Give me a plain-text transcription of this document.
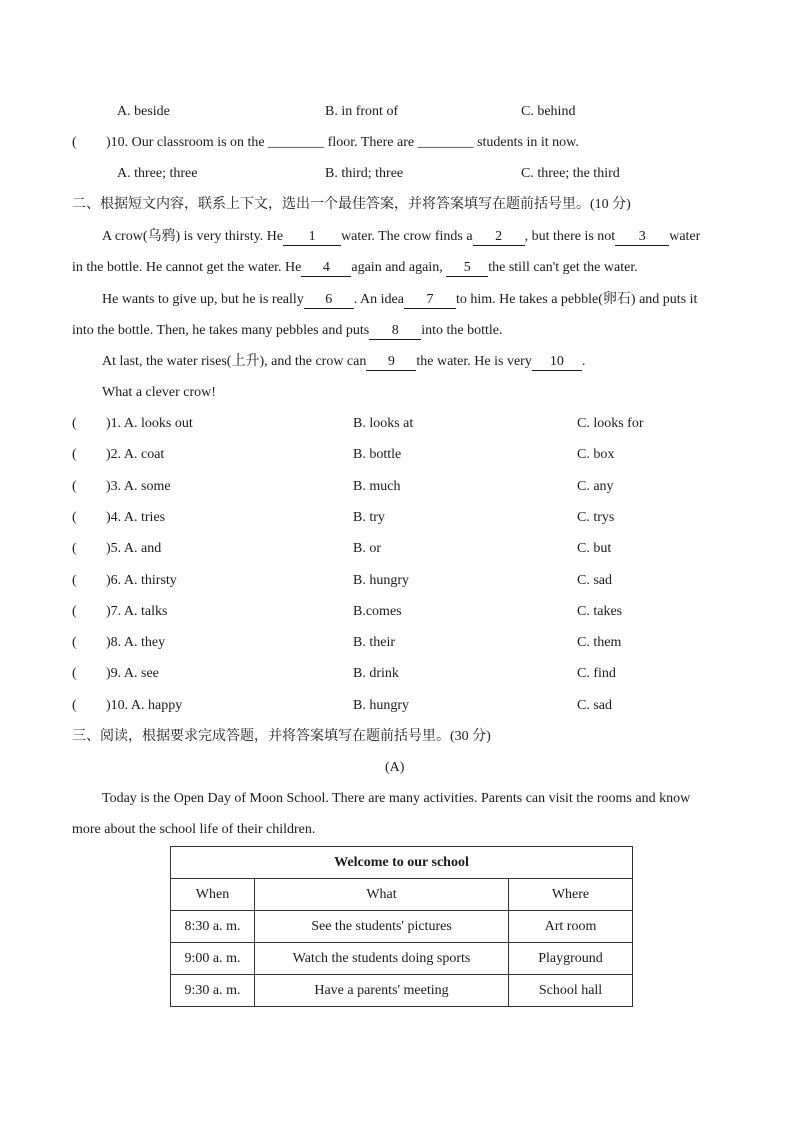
A. beside	B. in front of	C. behind
( )10. Our classroom is on the ________ floor. There are ________ students in it now.
A. three; three	B. third; three	C. three; the third
二、根据短文内容，联系上下文，选出一个最佳答案，并将答案填写在题前括号里。(10 分)
A crow(乌鸦) is very thirsty. He 1 water. The crow finds a 2 , but there is not 3 water
in the bottle. He cannot get the water. He 4 again and again, 5 the still can't get the water.
He wants to give up, but he is really 6 . An idea 7 to him. He takes a pebble(卵石) and puts it
into the bottle. Then, he takes many pebbles and puts 8 into the bottle.
At last, the water rises(上升), and the crow can 9 the water. He is very 10 .
What a clever crow!
( )1. A. looks out	B. looks at	C. looks for
( )2. A. coat	B. bottle	C. box
( )3. A. some	B. much	C. any
( )4. A. tries	B. try	C. trys
( )5. A. and	B. or	C. but
( )6. A. thirsty	B. hungry	C. sad
( )7. A. talks	B.comes	C. takes
( )8. A. they	B. their	C. them
( )9. A. see	B. drink	C. find
( )10. A. happy	B. hungry	C. sad
三、阅读，根据要求完成答题，并将答案填写在题前括号里。(30 分)
(A)
Today is the Open Day of Moon School. There are many activities. Parents can visit the rooms and know
more about the school life of their children.
Welcome to our school		
When	What	Where
8:30 a. m.	See the students' pictures	Art room
9:00 a. m.	Watch the students doing sports	Playground
9:30 a. m.	Have a parents' meeting	School hall
